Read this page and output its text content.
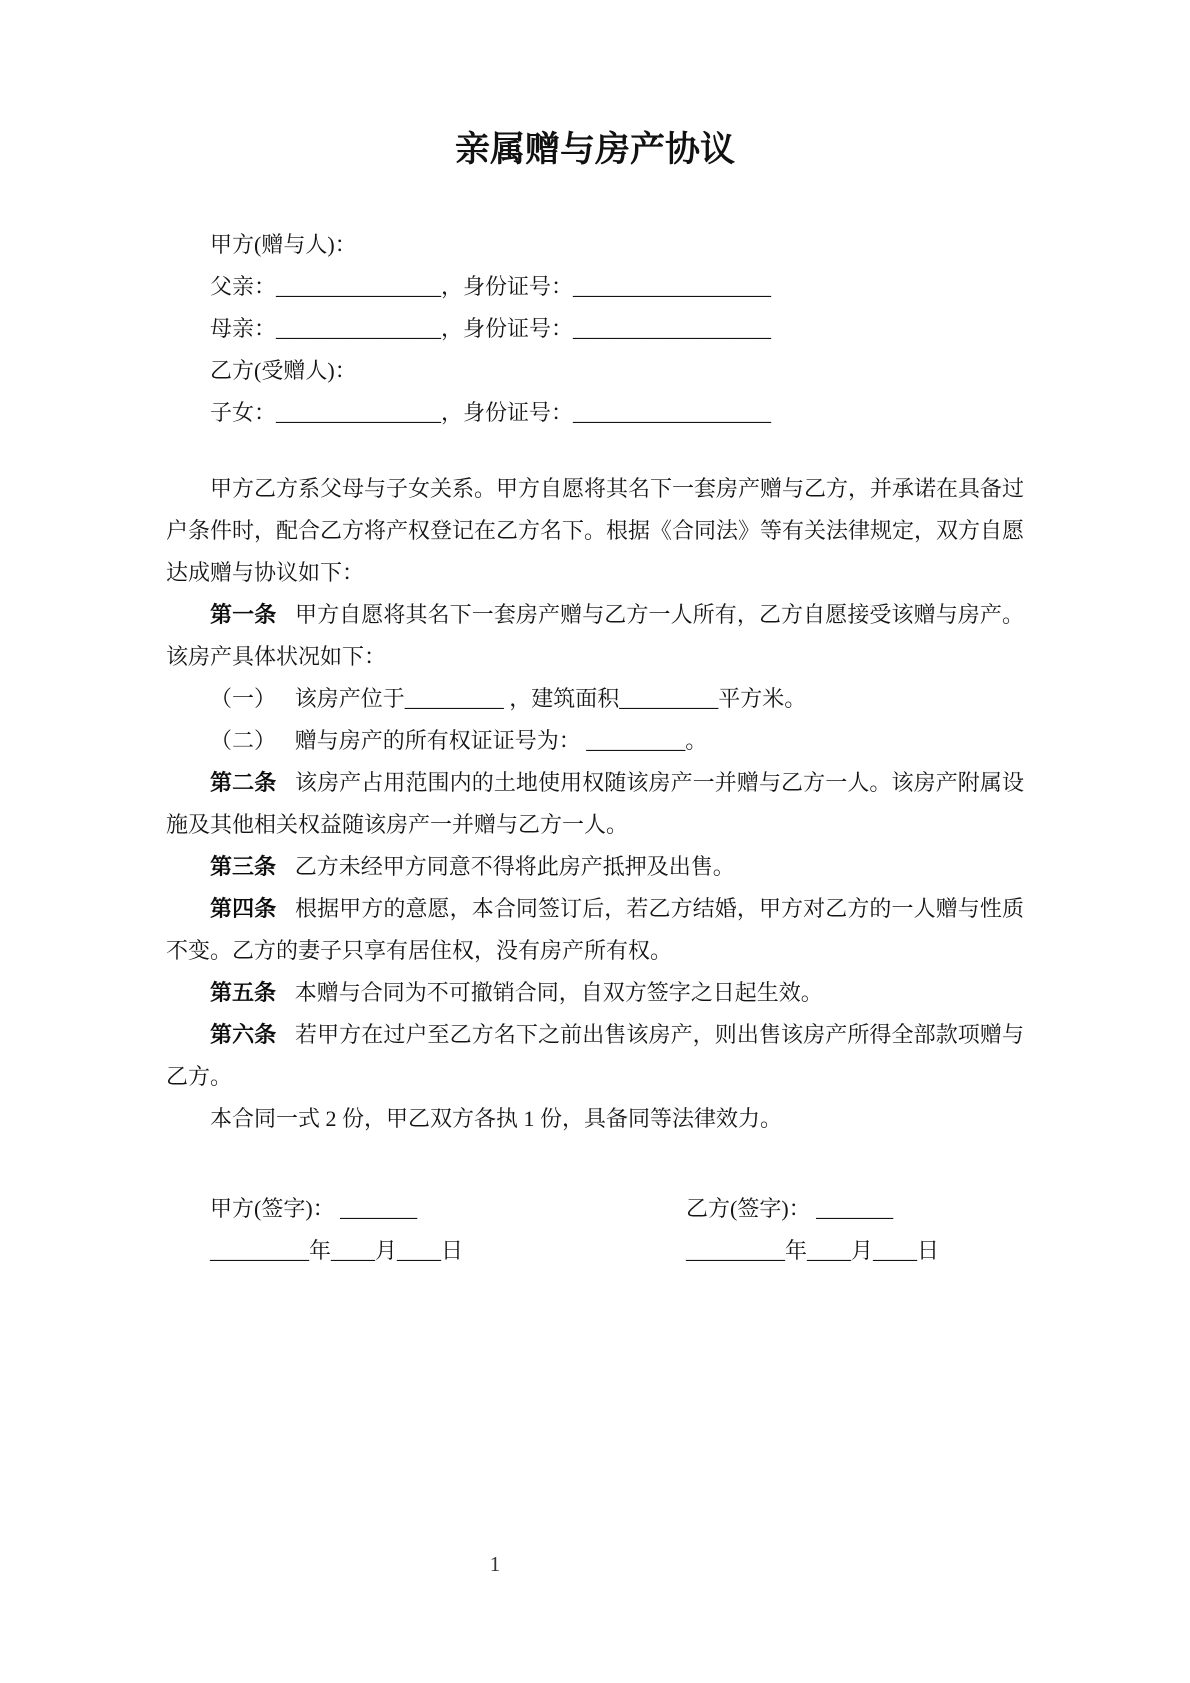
亲属赠与房产协议

甲方(赠与人)：

父亲：_______________，身份证号：__________________

母亲：_______________，身份证号：__________________

乙方(受赠人)：

子女：_______________，身份证号：__________________

甲方乙方系父母与子女关系。甲方自愿将其名下一套房产赠与乙方，并承诺在具备过户条件时，配合乙方将产权登记在乙方名下。根据《合同法》等有关法律规定，双方自愿达成赠与协议如下：

第一条 甲方自愿将其名下一套房产赠与乙方一人所有，乙方自愿接受该赠与房产。该房产具体状况如下：

（一） 该房产位于_________ ，建筑面积_________平方米。

（二） 赠与房产的所有权证证号为： _________。

第二条 该房产占用范围内的土地使用权随该房产一并赠与乙方一人。该房产附属设施及其他相关权益随该房产一并赠与乙方一人。

第三条 乙方未经甲方同意不得将此房产抵押及出售。

第四条 根据甲方的意愿，本合同签订后，若乙方结婚，甲方对乙方的一人赠与性质不变。乙方的妻子只享有居住权，没有房产所有权。

第五条 本赠与合同为不可撤销合同，自双方签字之日起生效。

第六条 若甲方在过户至乙方名下之前出售该房产，则出售该房产所得全部款项赠与乙方。

本合同一式 2 份，甲乙双方各执 1 份，具备同等法律效力。

甲方(签字)： _______	乙方(签字)： _______
_________年____月____日	_________年____月____日
1
